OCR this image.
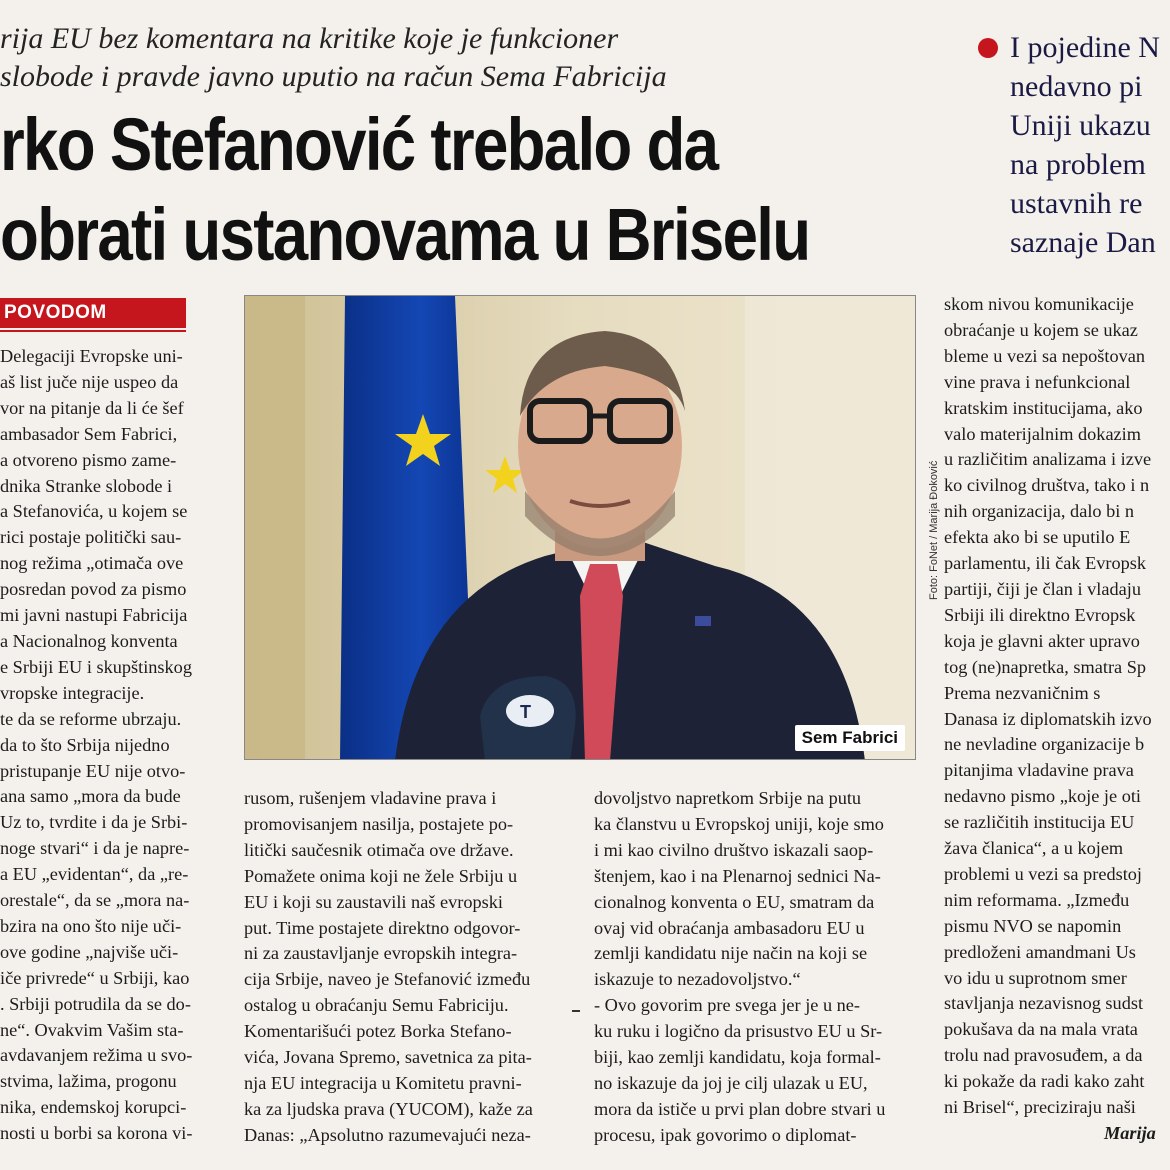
rija EU bez komentara na kritike koje je funkcioner
slobode i pravde javno uputio na račun Sema Fabricija
rko Stefanović trebalo da
obrati ustanovama u Briselu
I pojedine N
nedavno pi
Uniji ukazu
na problem
ustavnih re
saznaje Dan
POVODOM
Delegaciji Evropske uni-
aš list juče nije uspeo da
vor na pitanje da li će šef
ambasador Sem Fabrici,
a otvoreno pismo zame-
dnika Stranke slobode i
a Stefanovića, u kojem se
rici postaje politički sau-
nog režima „otimača ove
posredan povod za pismo
mi javni nastupi Fabricija
a Nacionalnog konventa
e Srbiji EU i skupštinskog
vropske integracije.
te da se reforme ubrzaju.
da to što Srbija nijedno
pristupanje EU nije otvo-
ana samo „mora da bude
Uz to, tvrdite i da je Srbi-
noge stvari“ i da je napre-
a EU „evidentan“, da „re-
orestale“, da se „mora na-
bzira na ono što nije uči-
ove godine „najviše uči-
iče privrede“ u Srbiji, kao
. Srbiji potrudila da se do-
ne“. Ovakvim Vašim sta-
avdavanjem režima u svo-
stvima, lažima, progonu
nika, endemskoj korupci-
nosti u borbi sa korona vi-
T
Sem Fabrici
Foto: FoNet / Marija Đoković
rusom, rušenjem vladavine prava i
promovisanjem nasilja, postajete po-
litički saučesnik otimača ove države.
Pomažete onima koji ne žele Srbiju u
EU i koji su zaustavili naš evropski
put. Time postajete direktno odgovor-
ni za zaustavljanje evropskih integra-
cija Srbije, naveo je Stefanović između
ostalog u obraćanju Semu Fabriciju.
Komentarišući potez Borka Stefano-
vića, Jovana Spremo, savetnica za pita-
nja EU integracija u Komitetu pravni-
ka za ljudska prava (YUCOM), kaže za
Danas: „Apsolutno razumevajući neza-
dovoljstvo napretkom Srbije na putu
ka članstvu u Evropskoj uniji, koje smo
i mi kao civilno društvo iskazali saop-
štenjem, kao i na Plenarnoj sednici Na-
cionalnog konventa o EU, smatram da
ovaj vid obraćanja ambasadoru EU u
zemlji kandidatu nije način na koji se
iskazuje to nezadovoljstvo.“
- Ovo govorim pre svega jer je u ne-
ku ruku i logično da prisustvo EU u Sr-
biji, kao zemlji kandidatu, koja formal-
no iskazuje da joj je cilj ulazak u EU,
mora da ističe u prvi plan dobre stvari u
procesu, ipak govorimo o diplomat-
skom nivou komunikacije
obraćanje u kojem se ukaz
bleme u vezi sa nepoštovan
vine prava i nefunkcional
kratskim institucijama, ako
valo materijalnim dokazim
u različitim analizama i izve
ko civilnog društva, tako i n
nih organizacija, dalo bi n
efekta ako bi se uputilo E
parlamentu, ili čak Evropsk
partiji, čiji je član i vladaju
Srbiji ili direktno Evropsk
koja je glavni akter upravo
tog (ne)napretka, smatra Sp
Prema nezvaničnim s
Danasa iz diplomatskih izvo
ne nevladine organizacije b
pitanjima vladavine prava
nedavno pismo „koje je oti
se različitih institucija EU
žava članica“, a u kojem
problemi u vezi sa predstoj
nim reformama. „Između
pismu NVO se napomin
predloženi amandmani Us
vo idu u suprotnom smer
stavljanja nezavisnog sudst
pokušava da na mala vrata
trolu nad pravosuđem, a da
ki pokaže da radi kako zaht
ni Brisel“, preciziraju naši
Marija
